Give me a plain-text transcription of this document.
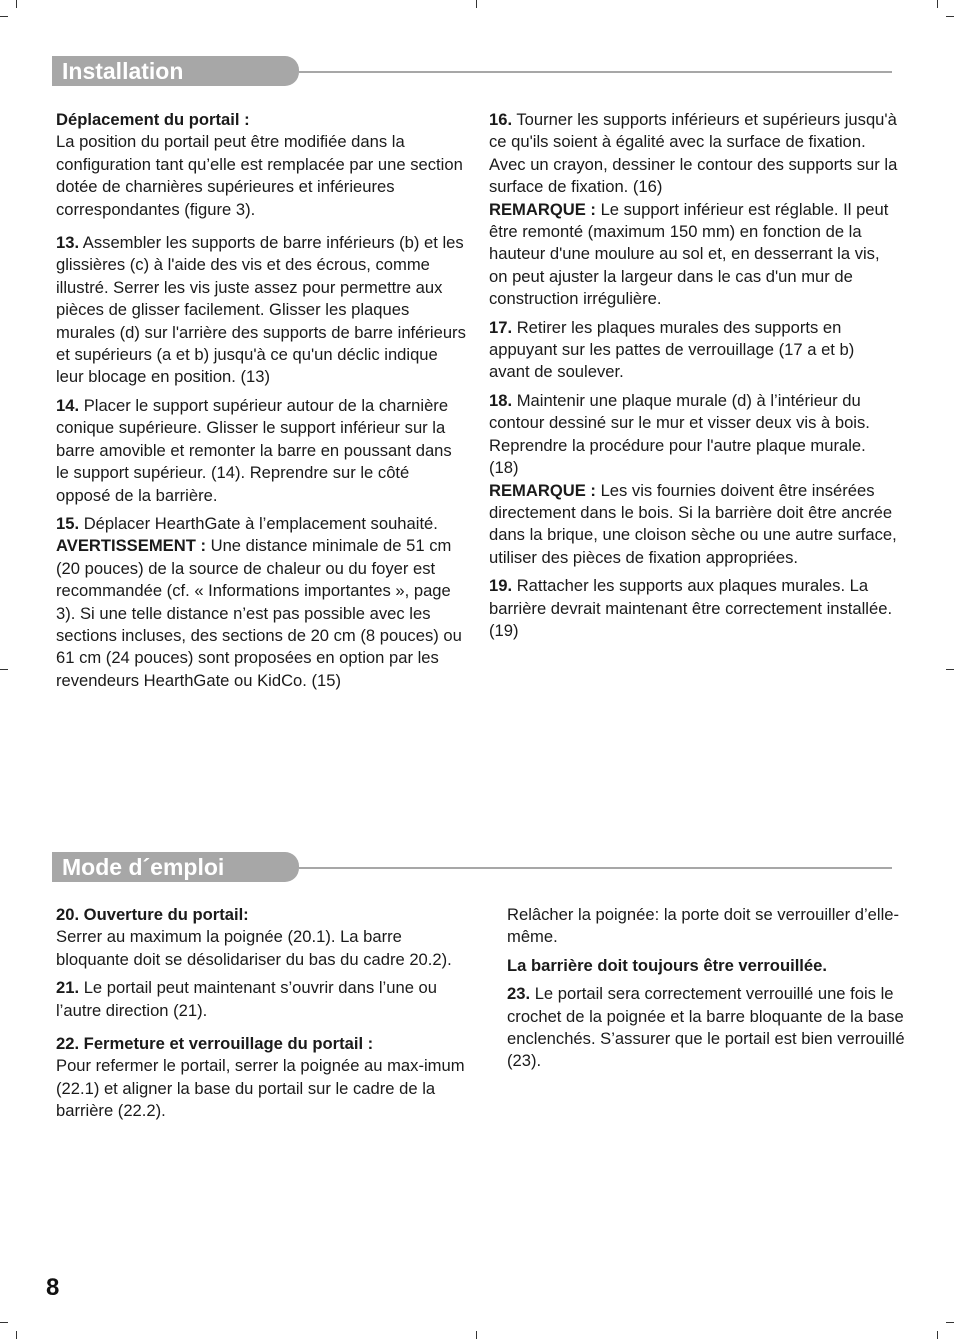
Installation

Déplacement du portail :
La position du portail peut être modifiée dans la configuration tant qu’elle est remplacée par une section dotée de charnières supérieures et inférieures correspondantes (figure 3).

13. Assembler les supports de barre inférieurs (b) et les glissières (c) à l'aide des vis et des écrous, comme illustré. Serrer les vis juste assez pour permettre aux pièces de glisser facilement. Glisser les plaques murales (d) sur l'arrière des supports de barre inférieurs et supérieurs (a et b) jusqu'à ce qu'un déclic indique leur blocage en position. (13)

14. Placer le support supérieur autour de la charnière conique supérieure. Glisser le support inférieur sur la barre amovible et remonter la barre en poussant dans le support supérieur. (14). Reprendre sur le côté opposé de la barrière.

15. Déplacer HearthGate à l’emplacement souhaité.

AVERTISSEMENT : Une distance minimale de 51 cm (20 pouces) de la source de chaleur ou du foyer est recommandée (cf. « Informations importantes », page 3). Si une telle distance n’est pas possible avec les sections incluses, des sections de 20 cm (8 pouces) ou 61 cm (24 pouces) sont proposées en option par les revendeurs HearthGate ou KidCo. (15)

16. Tourner les supports inférieurs et supérieurs jusqu'à ce qu'ils soient à égalité avec la surface de fixation. Avec un crayon, dessiner le contour des supports sur la surface de fixation. (16)

REMARQUE : Le support inférieur est réglable. Il peut être remonté (maximum 150 mm) en fonction de la hauteur d'une moulure au sol et, en desserrant la vis, on peut ajuster la largeur dans le cas d'un mur de construction irrégulière.

17. Retirer les plaques murales des supports en appuyant sur les pattes de verrouillage (17 a et b) avant de soulever.

18. Maintenir une plaque murale (d) à l’intérieur du contour dessiné sur le mur et visser deux vis à bois. Reprendre la procédure pour l'autre plaque murale. (18)

REMARQUE : Les vis fournies doivent être insérées directement dans le bois. Si la barrière doit être ancrée dans la brique, une cloison sèche ou une autre surface, utiliser des pièces de fixation appropriées.

19. Rattacher les supports aux plaques murales. La barrière devrait maintenant être correctement installée. (19)

Mode d´emploi

20. Ouverture du portail:
Serrer au maximum la poignée (20.1). La barre bloquante doit se désolidariser du bas du cadre 20.2).

21. Le portail peut maintenant s’ouvrir dans l’une ou l’autre direction (21).

22. Fermeture et verrouillage du portail :
Pour refermer le portail, serrer la poignée au max-imum (22.1) et aligner la base du portail sur le cadre de la barrière (22.2).

Relâcher la poignée: la porte doit se verrouiller d’elle-même.

La barrière doit toujours être verrouillée.

23. Le portail sera correctement verrouillé une fois le crochet de la poignée et la barre bloquante de la base enclenchés. S’assurer que le portail est bien verrouillé (23).

8
